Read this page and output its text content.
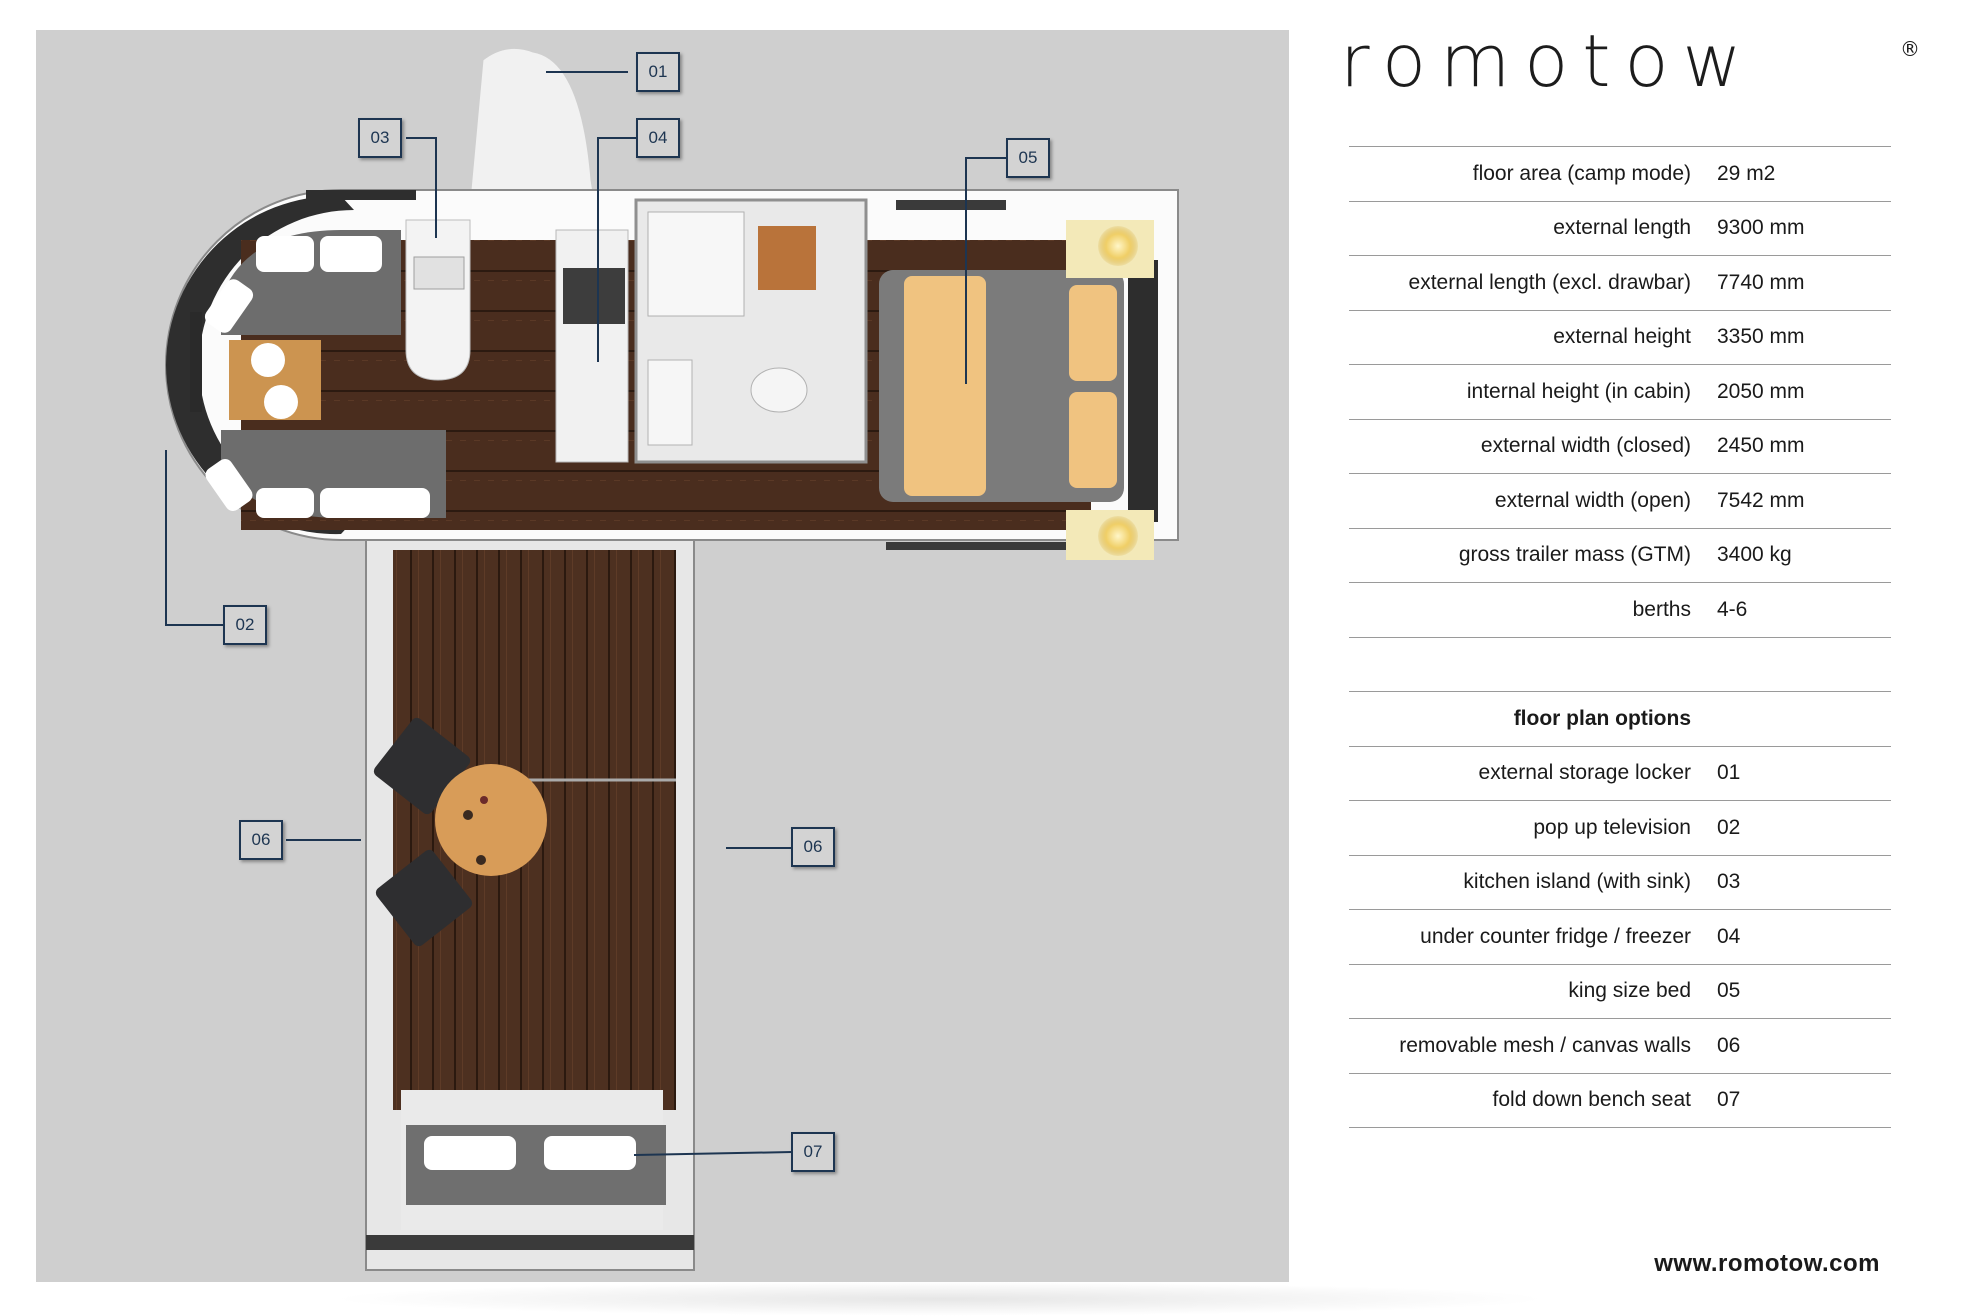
01
03	04
05
02
06	06
07
romotow	®
floor area (camp mode)	29 m2
external length	9300 mm
external length (excl. drawbar)	7740 mm
external height	3350 mm
internal height (in cabin)	2050 mm
external width (closed)	2450 mm
external width (open)	7542 mm
gross trailer mass (GTM)	3400 kg
berths	4-6
floor plan options
external storage locker	01
pop up television	02
kitchen island (with sink)	03
under counter fridge / freezer	04
king size bed	05
removable mesh / canvas walls	06
fold down bench seat	07
www.romotow.com
